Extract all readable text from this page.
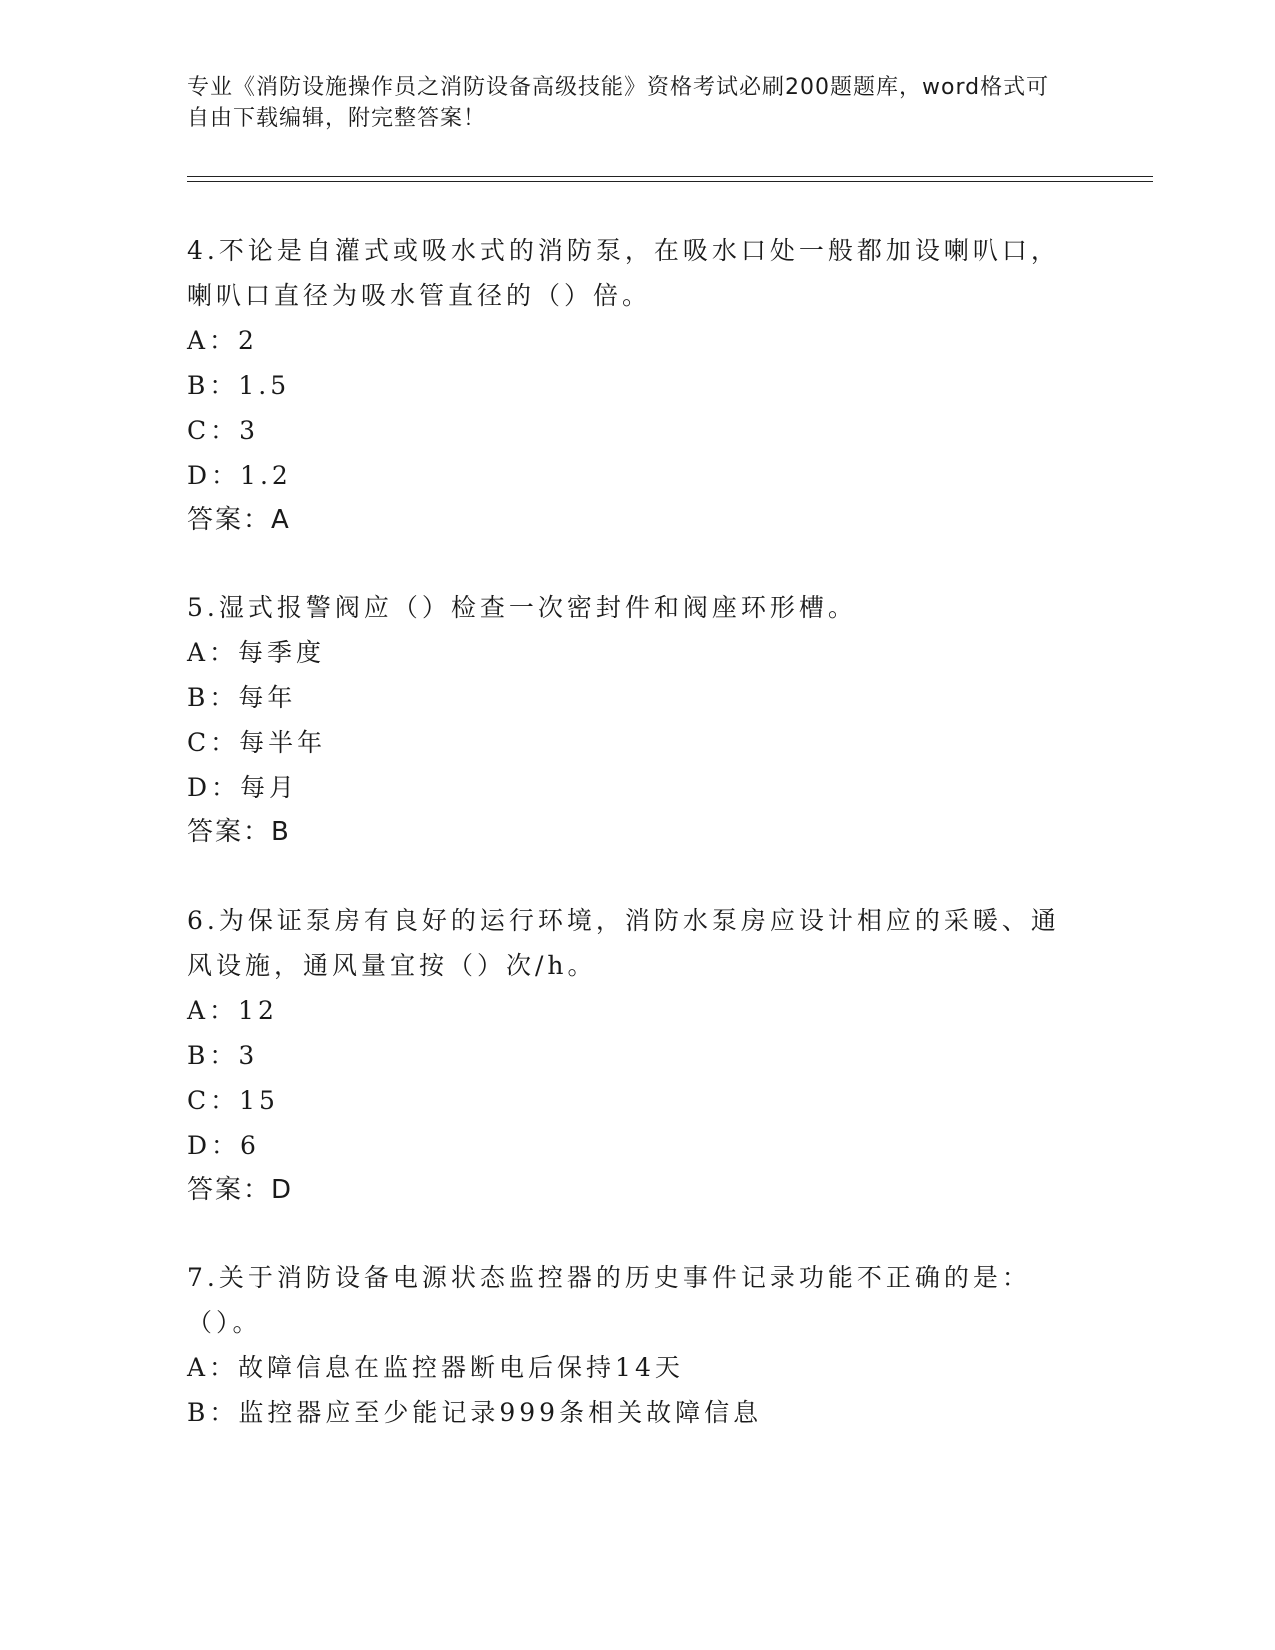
专业《消防设施操作员之消防设备高级技能》资格考试必刷200题题库，word格式可自由下载编辑，附完整答案！
4.不论是自灌式或吸水式的消防泵，在吸水口处一般都加设喇叭口，喇叭口直径为吸水管直径的（）倍。
A：2
B：1.5
C：3
D：1.2
答案：A
5.湿式报警阀应（）检查一次密封件和阀座环形槽。
A：每季度
B：每年
C：每半年
D：每月
答案：B
6.为保证泵房有良好的运行环境，消防水泵房应设计相应的采暖、通风设施，通风量宜按（）次/h。
A：12
B：3
C：15
D：6
答案：D
7.关于消防设备电源状态监控器的历史事件记录功能不正确的是：（）。
A：故障信息在监控器断电后保持14天
B：监控器应至少能记录999条相关故障信息
